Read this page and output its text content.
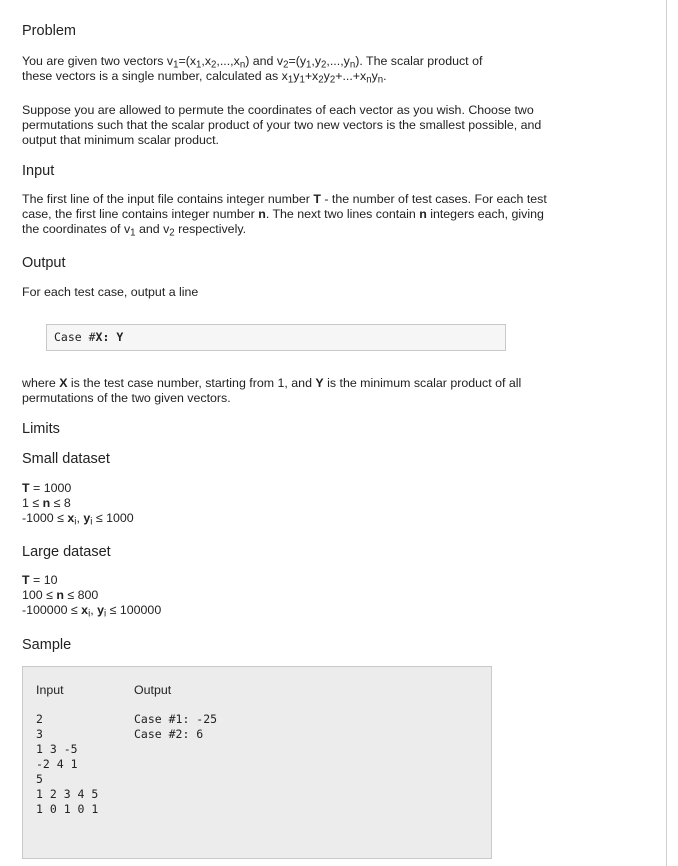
Problem

You are given two vectors $v_1=(x_1,x_2,...,x_n)$ and $v_2=(y_1,y_2,...,y_n)$. The scalar product of
these vectors is a single number, calculated as $x_1y_1+x_2y_2+...+x_ny_n$.

Suppose you are allowed to permute the coordinates of each vector as you wish. Choose two permutations such that the scalar product of your two new vectors is the smallest possible, and output that minimum scalar product.

Input

The first line of the input file contains integer number T - the number of test cases. For each test case, the first line contains integer number n. The next two lines contain n integers each, giving the coordinates of $v_1$ and $v_2$ respectively.

Output

For each test case, output a line

Case #X: Y

where X is the test case number, starting from 1, and Y is the minimum scalar product of all permutations of the two given vectors.

Limits
Small dataset

T = 1000
1 ≤ n ≤ 8
$-1000 \le x_i$, $y_i \le 1000$

Large dataset

T = 10
100 ≤ n ≤ 800
$-100000 \le x_i$, $y_i \le 100000$

Sample
Input	Output
2
3
1 3 -5
-2 4 1
5
1 2 3 4 5
1 0 1 0 1
Case #1: -25
Case #2: 6
